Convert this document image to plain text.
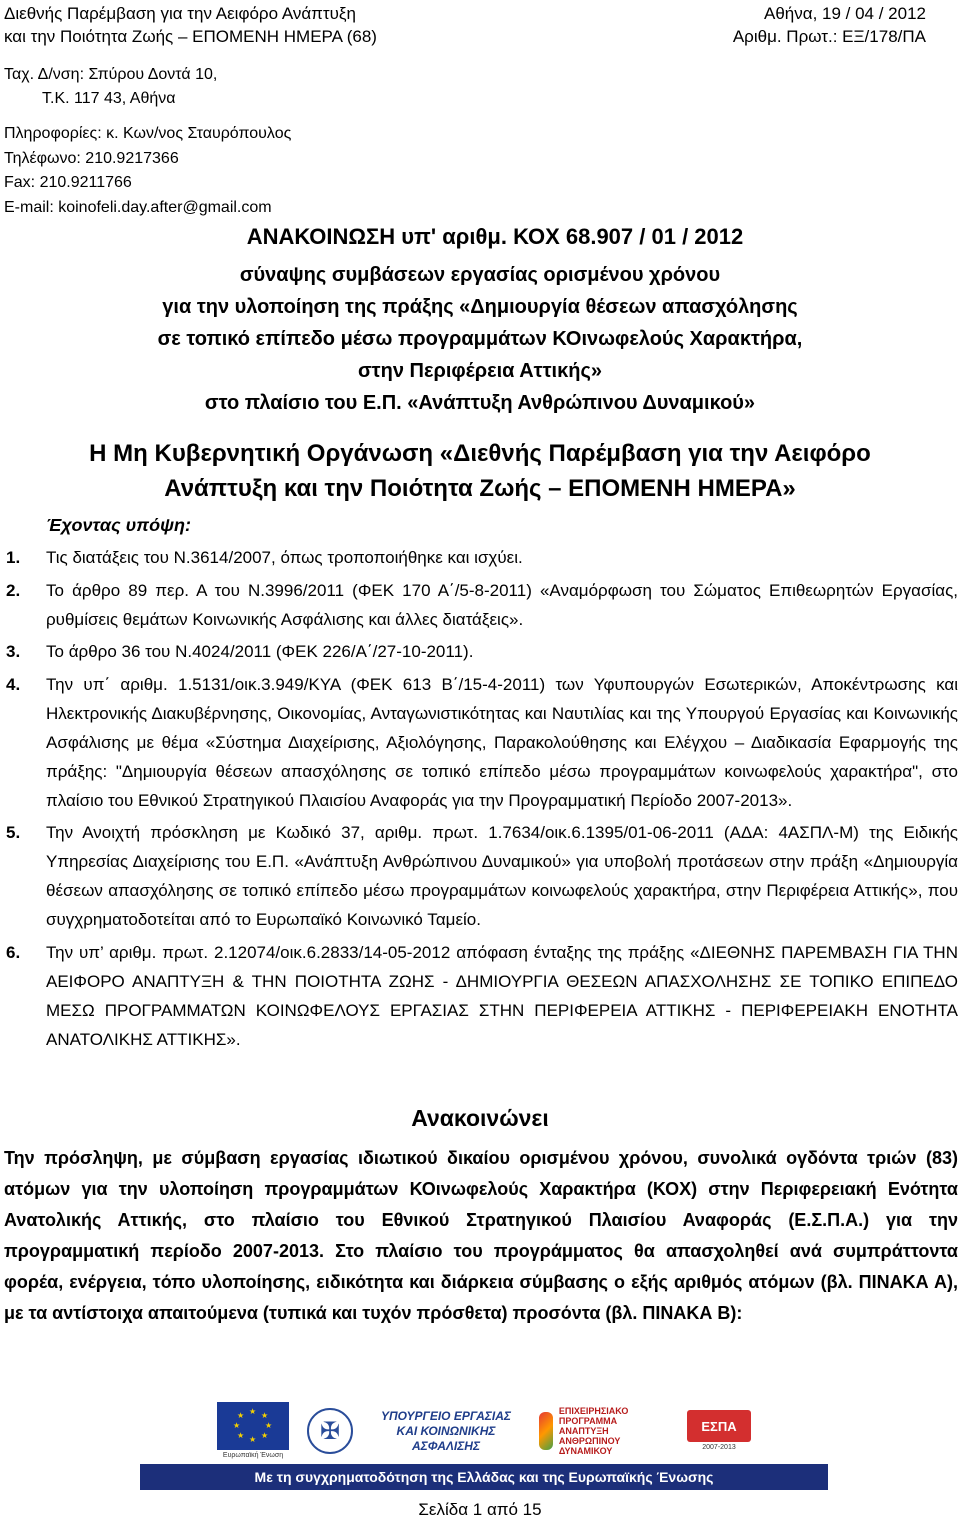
Διεθνής Παρέμβαση για την Αειφόρο Ανάπτυξη
και την Ποιότητα Ζωής – ΕΠΟΜΕΝΗ ΗΜΕΡΑ (68)
Αθήνα, 19 / 04 / 2012
Αριθμ. Πρωτ.: ΕΞ/178/ΠΑ
Ταχ. Δ/νση: Σπύρου Δοντά 10,
Τ.Κ. 117 43, Αθήνα
Πληροφορίες: κ. Κων/νος Σταυρόπουλος
Τηλέφωνο: 210.9217366
Fax: 210.9211766
E-mail: koinofeli.day.after@gmail.com
ΑΝΑΚΟΙΝΩΣΗ υπ' αριθμ. ΚΟΧ 68.907 / 01 / 2012
σύναψης συμβάσεων εργασίας ορισμένου χρόνου
για την υλοποίηση της πράξης «Δημιουργία θέσεων απασχόλησης
σε τοπικό επίπεδο μέσω προγραμμάτων ΚΟινωφελούς Χαρακτήρα,
στην Περιφέρεια Αττικής»
στο πλαίσιο του Ε.Π. «Ανάπτυξη Ανθρώπινου Δυναμικού»
Η Μη Κυβερνητική Οργάνωση «Διεθνής Παρέμβαση για την Αειφόρο
Ανάπτυξη και την Ποιότητα Ζωής – ΕΠΟΜΕΝΗ ΗΜΕΡΑ»
Έχοντας υπόψη:
1.	Τις διατάξεις του Ν.3614/2007, όπως τροποποιήθηκε και ισχύει.
2.	Το άρθρο 89 περ. Α του Ν.3996/2011 (ΦΕΚ 170 Α΄/5-8-2011) «Αναμόρφωση του Σώματος Επιθεωρητών Εργασίας, ρυθμίσεις θεμάτων Κοινωνικής Ασφάλισης και άλλες διατάξεις».
3.	Το άρθρο 36 του Ν.4024/2011 (ΦΕΚ 226/Α΄/27-10-2011).
4.	Την υπ΄ αριθμ. 1.5131/οικ.3.949/ΚΥΑ (ΦΕΚ 613 Β΄/15-4-2011) των Υφυπουργών Εσωτερικών, Αποκέντρωσης και Ηλεκτρονικής Διακυβέρνησης, Οικονομίας, Ανταγωνιστικότητας και Ναυτιλίας και της Υπουργού Εργασίας και Κοινωνικής Ασφάλισης με θέμα «Σύστημα Διαχείρισης, Αξιολόγησης, Παρακολούθησης και Ελέγχου – Διαδικασία Εφαρμογής της πράξης: "Δημιουργία θέσεων απασχόλησης σε τοπικό επίπεδο μέσω προγραμμάτων κοινωφελούς χαρακτήρα", στο πλαίσιο του Εθνικού Στρατηγικού Πλαισίου Αναφοράς για την Προγραμματική Περίοδο 2007-2013».
5.	Την Ανοιχτή πρόσκληση με Κωδικό 37, αριθμ. πρωτ. 1.7634/οικ.6.1395/01-06-2011 (ΑΔΑ: 4ΑΣΠΛ-Μ) της Ειδικής Υπηρεσίας Διαχείρισης του Ε.Π. «Ανάπτυξη Ανθρώπινου Δυναμικού» για υποβολή προτάσεων στην πράξη «Δημιουργία θέσεων απασχόλησης σε τοπικό επίπεδο μέσω προγραμμάτων κοινωφελούς χαρακτήρα, στην Περιφέρεια Αττικής», που συγχρηματοδοτείται από το Ευρωπαϊκό Κοινωνικό Ταμείο.
6.	Την υπ’ αριθμ. πρωτ. 2.12074/οικ.6.2833/14-05-2012 απόφαση ένταξης της πράξης «ΔΙΕΘΝΗΣ ΠΑΡΕΜΒΑΣΗ ΓΙΑ ΤΗΝ ΑΕΙΦΟΡΟ ΑΝΑΠΤΥΞΗ & ΤΗΝ ΠΟΙΟΤΗΤΑ ΖΩΗΣ - ΔΗΜΙΟΥΡΓΙΑ ΘΕΣΕΩΝ ΑΠΑΣΧΟΛΗΣΗΣ ΣΕ ΤΟΠΙΚΟ ΕΠΙΠΕΔΟ ΜΕΣΩ ΠΡΟΓΡΑΜΜΑΤΩΝ ΚΟΙΝΩΦΕΛΟΥΣ ΕΡΓΑΣΙΑΣ ΣΤΗΝ ΠΕΡΙΦΕΡΕΙΑ ΑΤΤΙΚΗΣ - ΠΕΡΙΦΕΡΕΙΑΚΗ ΕΝΟΤΗΤΑ ΑΝΑΤΟΛΙΚΗΣ ΑΤΤΙΚΗΣ».
Ανακοινώνει
Την πρόσληψη, με σύμβαση εργασίας ιδιωτικού δικαίου ορισμένου χρόνου, συνολικά ογδόντα τριών (83) ατόμων για την υλοποίηση προγραμμάτων ΚΟινωφελούς Χαρακτήρα (ΚΟΧ) στην Περιφερειακή Ενότητα Ανατολικής Αττικής, στο πλαίσιο του Εθνικού Στρατηγικού Πλαισίου Αναφοράς (Ε.Σ.Π.Α.) για την προγραμματική περίοδο 2007-2013. Στο πλαίσιο του προγράμματος θα απασχοληθεί ανά συμπράττοντα φορέα, ενέργεια, τόπο υλοποίησης, ειδικότητα και διάρκεια σύμβασης ο εξής αριθμός ατόμων (βλ. ΠΙΝΑΚΑ Α), με τα αντίστοιχα απαιτούμενα (τυπικά και τυχόν πρόσθετα) προσόντα (βλ. ΠΙΝΑΚΑ Β):
★ ★
★
★
★
★
★
★
Ευρωπαϊκή Ένωση
✠
ΥΠΟΥΡΓΕΙΟ ΕΡΓΑΣΙΑΣ ΚΑΙ ΚΟΙΝΩΝΙΚΗΣ ΑΣΦΑΛΙΣΗΣ
ΕΠΙΧΕΙΡΗΣΙΑΚΟ ΠΡΟΓΡΑΜΜΑ ΑΝΑΠΤΥΞΗ ΑΝΘΡΩΠΙΝΟΥ ΔΥΝΑΜΙΚΟΥ
ΕΣΠΑ
2007-2013
Με τη συγχρηματοδότηση της Ελλάδας και της Ευρωπαϊκής Ένωσης
Σελίδα 1 από 15
